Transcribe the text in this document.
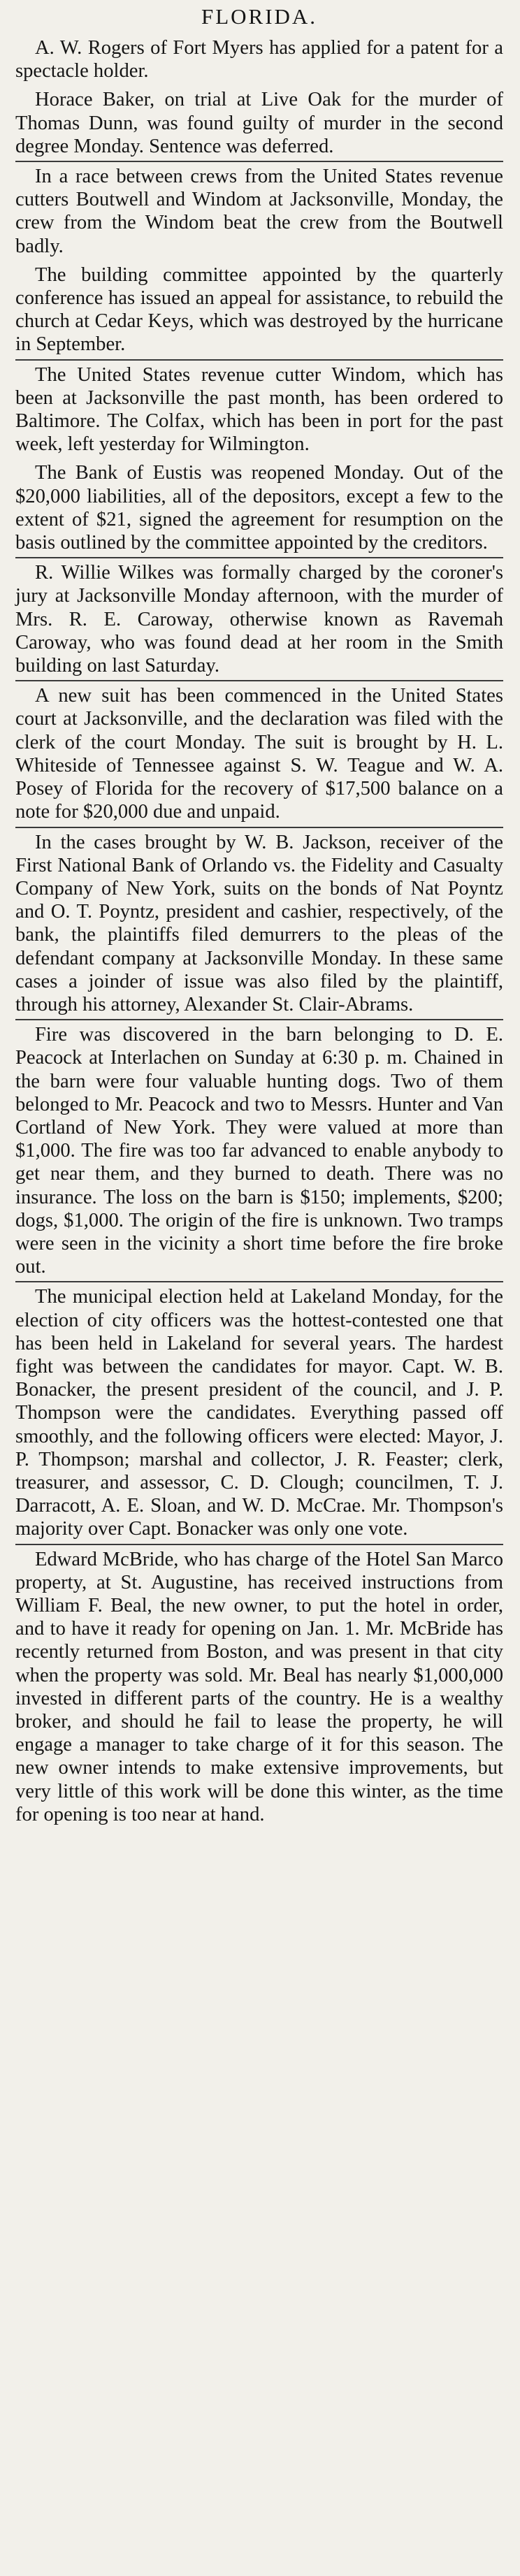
FLORIDA.

A. W. Rogers of Fort Myers has applied for a patent for a spectacle holder.

Horace Baker, on trial at Live Oak for the murder of Thomas Dunn, was found guilty of murder in the second degree Monday. Sentence was deferred.

In a race between crews from the United States revenue cutters Boutwell and Windom at Jacksonville, Monday, the crew from the Windom beat the crew from the Boutwell badly.

The building committee appointed by the quarterly conference has issued an appeal for assistance, to rebuild the church at Cedar Keys, which was destroyed by the hurricane in September.

The United States revenue cutter Windom, which has been at Jacksonville the past month, has been ordered to Baltimore. The Colfax, which has been in port for the past week, left yesterday for Wilmington.

The Bank of Eustis was reopened Monday. Out of the $20,000 liabilities, all of the depositors, except a few to the extent of $21, signed the agreement for resumption on the basis outlined by the committee appointed by the creditors.

R. Willie Wilkes was formally charged by the coroner's jury at Jacksonville Monday afternoon, with the murder of Mrs. R. E. Caroway, otherwise known as Ravemah Caroway, who was found dead at her room in the Smith building on last Saturday.

A new suit has been commenced in the United States court at Jacksonville, and the declaration was filed with the clerk of the court Monday. The suit is brought by H. L. Whiteside of Tennessee against S. W. Teague and W. A. Posey of Florida for the recovery of $17,500 balance on a note for $20,000 due and unpaid.

In the cases brought by W. B. Jackson, receiver of the First National Bank of Orlando vs. the Fidelity and Casualty Company of New York, suits on the bonds of Nat Poyntz and O. T. Poyntz, president and cashier, respectively, of the bank, the plaintiffs filed demurrers to the pleas of the defendant company at Jacksonville Monday. In these same cases a joinder of issue was also filed by the plaintiff, through his attorney, Alexander St. Clair-Abrams.

Fire was discovered in the barn belonging to D. E. Peacock at Interlachen on Sunday at 6:30 p. m. Chained in the barn were four valuable hunting dogs. Two of them belonged to Mr. Peacock and two to Messrs. Hunter and Van Cortland of New York. They were valued at more than $1,000. The fire was too far advanced to enable anybody to get near them, and they burned to death. There was no insurance. The loss on the barn is $150; implements, $200; dogs, $1,000. The origin of the fire is unknown. Two tramps were seen in the vicinity a short time before the fire broke out.

The municipal election held at Lakeland Monday, for the election of city officers was the hottest-contested one that has been held in Lakeland for several years. The hardest fight was between the candidates for mayor. Capt. W. B. Bonacker, the present president of the council, and J. P. Thompson were the candidates. Everything passed off smoothly, and the following officers were elected: Mayor, J. P. Thompson; marshal and collector, J. R. Feaster; clerk, treasurer, and assessor, C. D. Clough; councilmen, T. J. Darracott, A. E. Sloan, and W. D. McCrae. Mr. Thompson's majority over Capt. Bonacker was only one vote.

Edward McBride, who has charge of the Hotel San Marco property, at St. Augustine, has received instructions from William F. Beal, the new owner, to put the hotel in order, and to have it ready for opening on Jan. 1. Mr. McBride has recently returned from Boston, and was present in that city when the property was sold. Mr. Beal has nearly $1,000,000 invested in different parts of the country. He is a wealthy broker, and should he fail to lease the property, he will engage a manager to take charge of it for this season. The new owner intends to make extensive improvements, but very little of this work will be done this winter, as the time for opening is too near at hand.
